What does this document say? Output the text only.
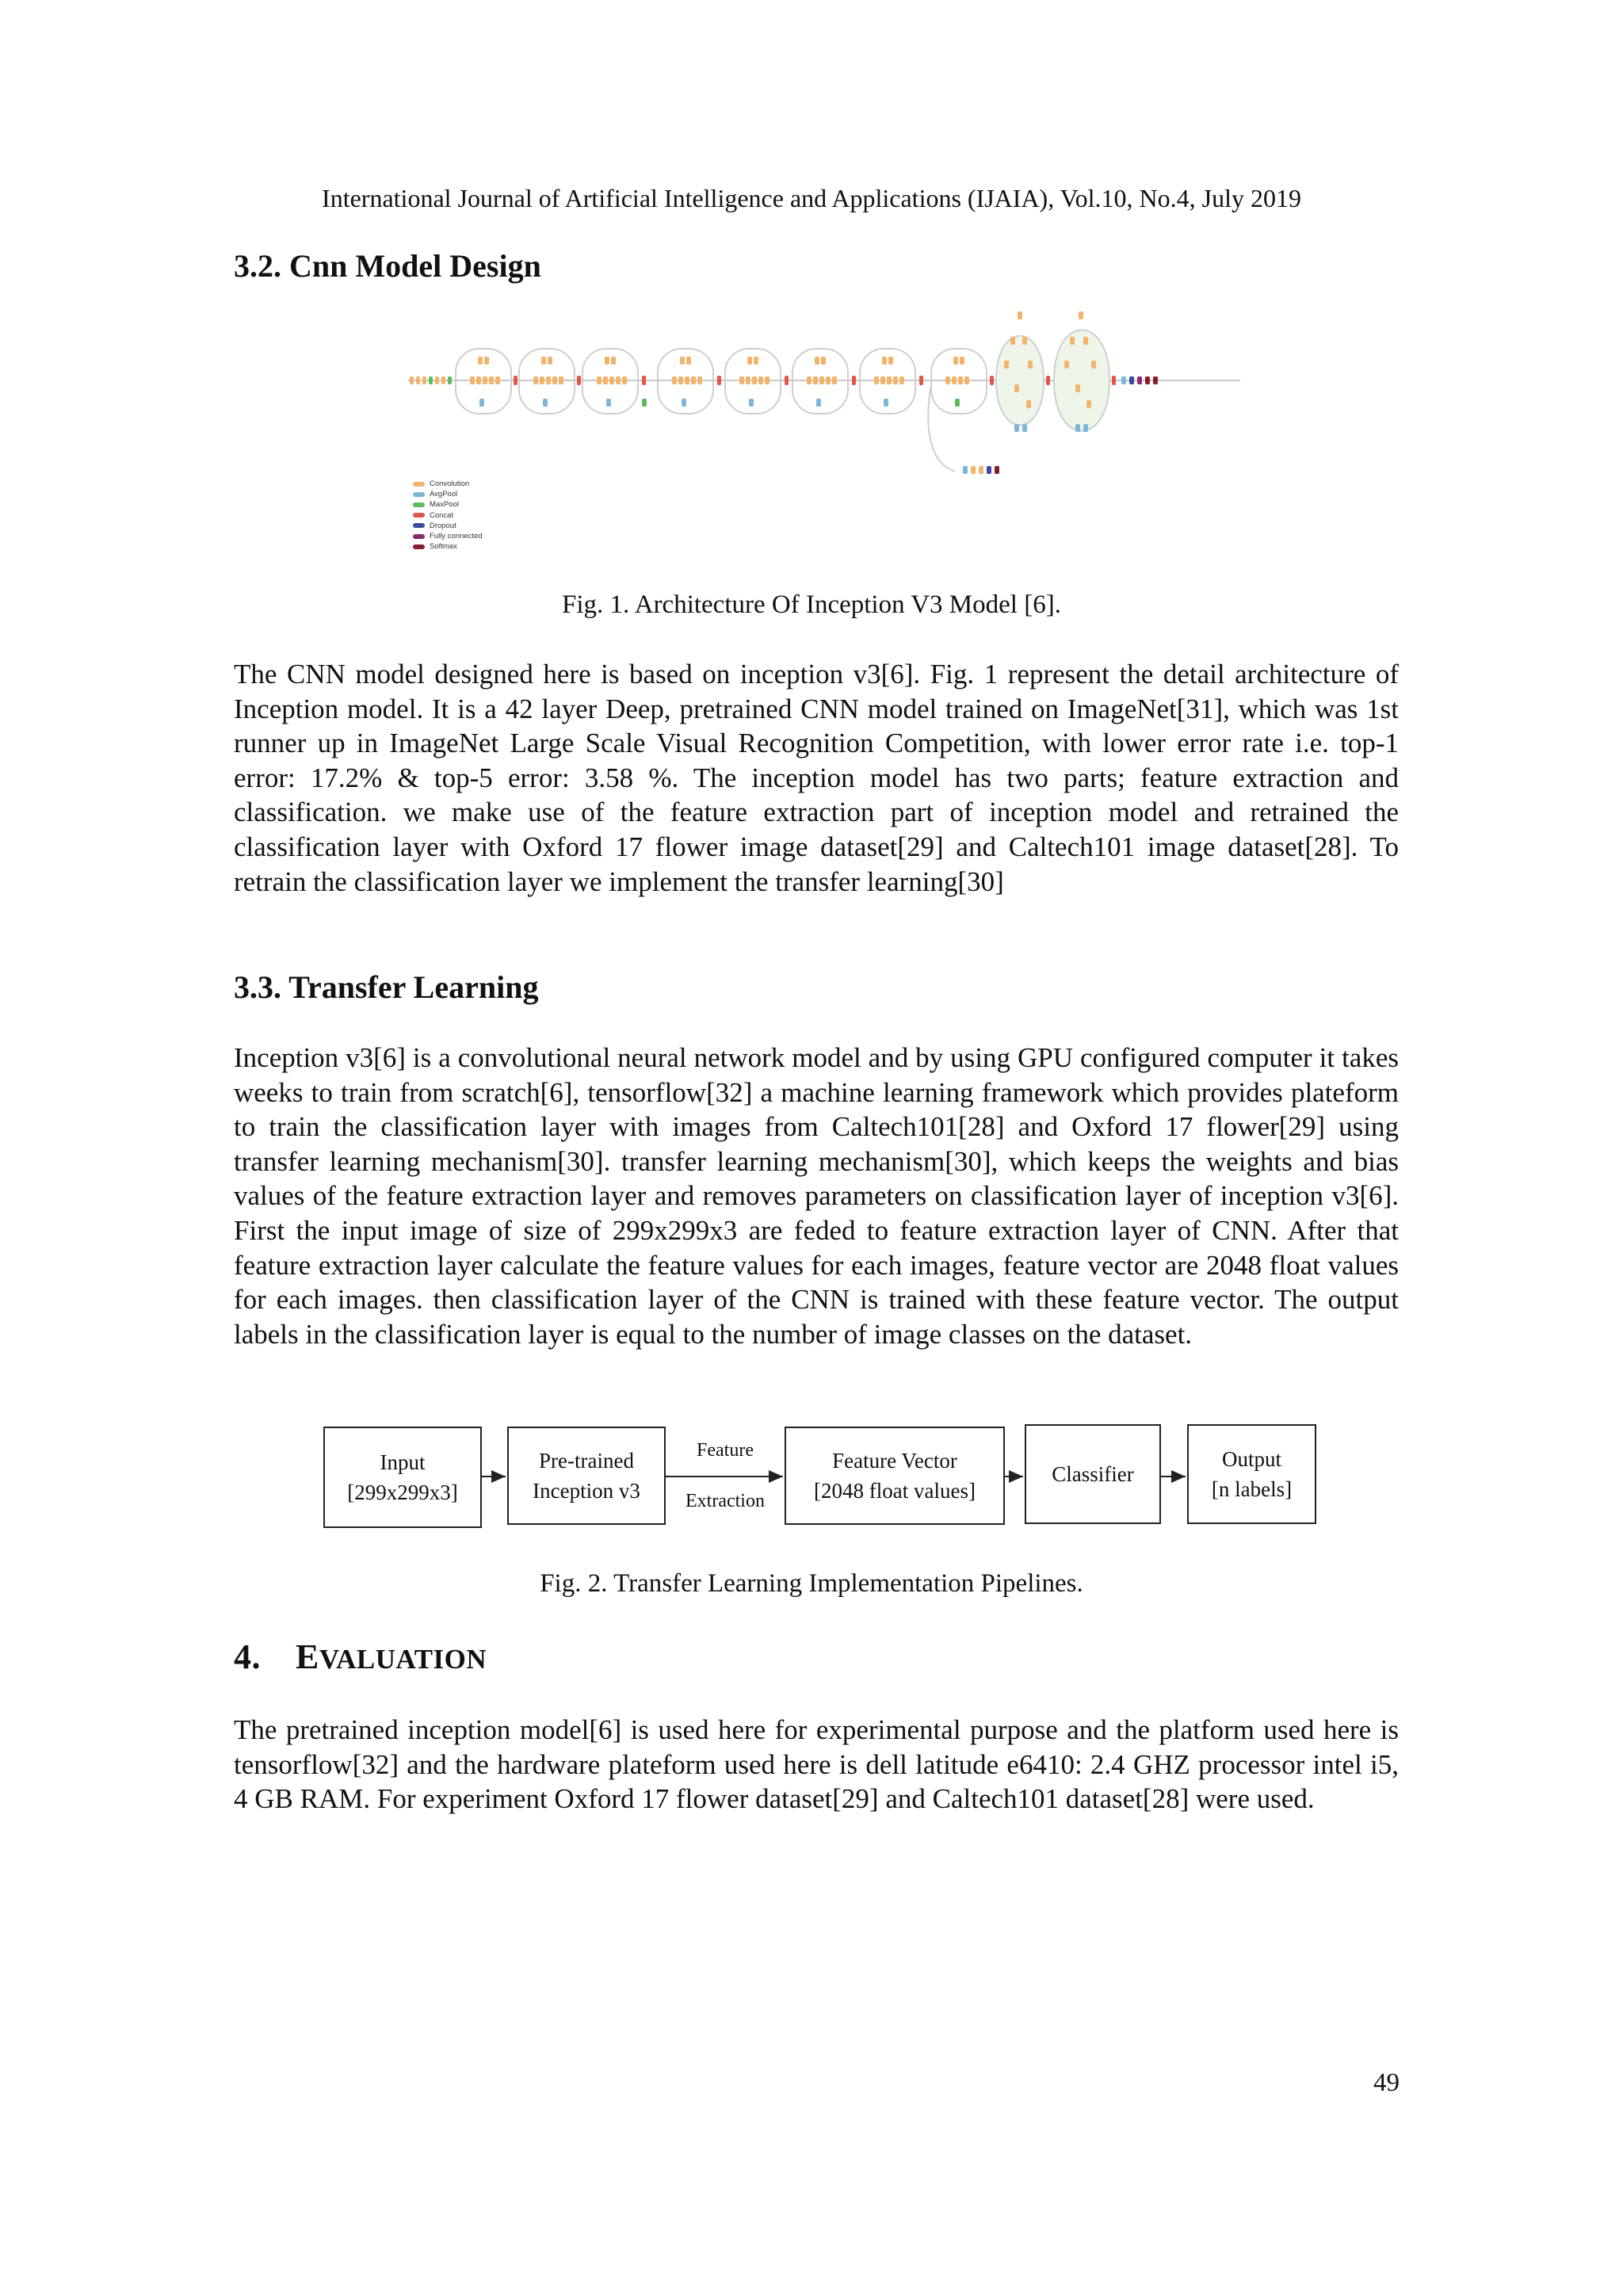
International Journal of Artificial Intelligence and Applications (IJAIA), Vol.10, No.4, July 2019
3.2. Cnn Model Design
Convolution
AvgPool
MaxPool
Concat
Dropout
Fully connected
Softmax
Fig. 1. Architecture Of Inception V3 Model [6].
The CNN model designed here is based on inception v3[6]. Fig. 1 represent the detail architecture of Inception model. It is a 42 layer Deep, pretrained CNN model trained on ImageNet[31], which was 1st runner up in ImageNet Large Scale Visual Recognition Competition, with lower error rate i.e. top-1 error: 17.2% & top-5 error: 3.58 %. The inception model has two parts; feature extraction and classification. we make use of the feature extraction part of inception model and retrained the classification layer with Oxford 17 flower image dataset[29] and Caltech101 image dataset[28]. To retrain the classification layer we implement the transfer learning[30]
3.3. Transfer Learning
Inception v3[6] is a convolutional neural network model and by using GPU configured computer it takes weeks to train from scratch[6], tensorflow[32] a machine learning framework which provides plateform to train the classification layer with images from Caltech101[28] and Oxford 17 flower[29] using transfer learning mechanism[30]. transfer learning mechanism[30], which keeps the weights and bias values of the feature extraction layer and removes parameters on classification layer of inception v3[6]. First the input image of size of 299x299x3 are feded to feature extraction layer of CNN. After that feature extraction layer calculate the feature values for each images, feature vector are 2048 float values for each images. then classification layer of the CNN is trained with these feature vector. The output labels in the classification layer is equal to the number of image classes on the dataset.
Input
[299x299x3]
Pre-trained
Inception v3
Feature
Extraction
Feature Vector
[2048 float values]
Classifier
Output
[n labels]
Fig. 2. Transfer Learning Implementation Pipelines.
4. EVALUATION
The pretrained inception model[6] is used here for experimental purpose and the platform used here is tensorflow[32] and the hardware plateform used here is dell latitude e6410: 2.4 GHZ processor intel i5, 4 GB RAM. For experiment Oxford 17 flower dataset[29] and Caltech101 dataset[28] were used.
49
